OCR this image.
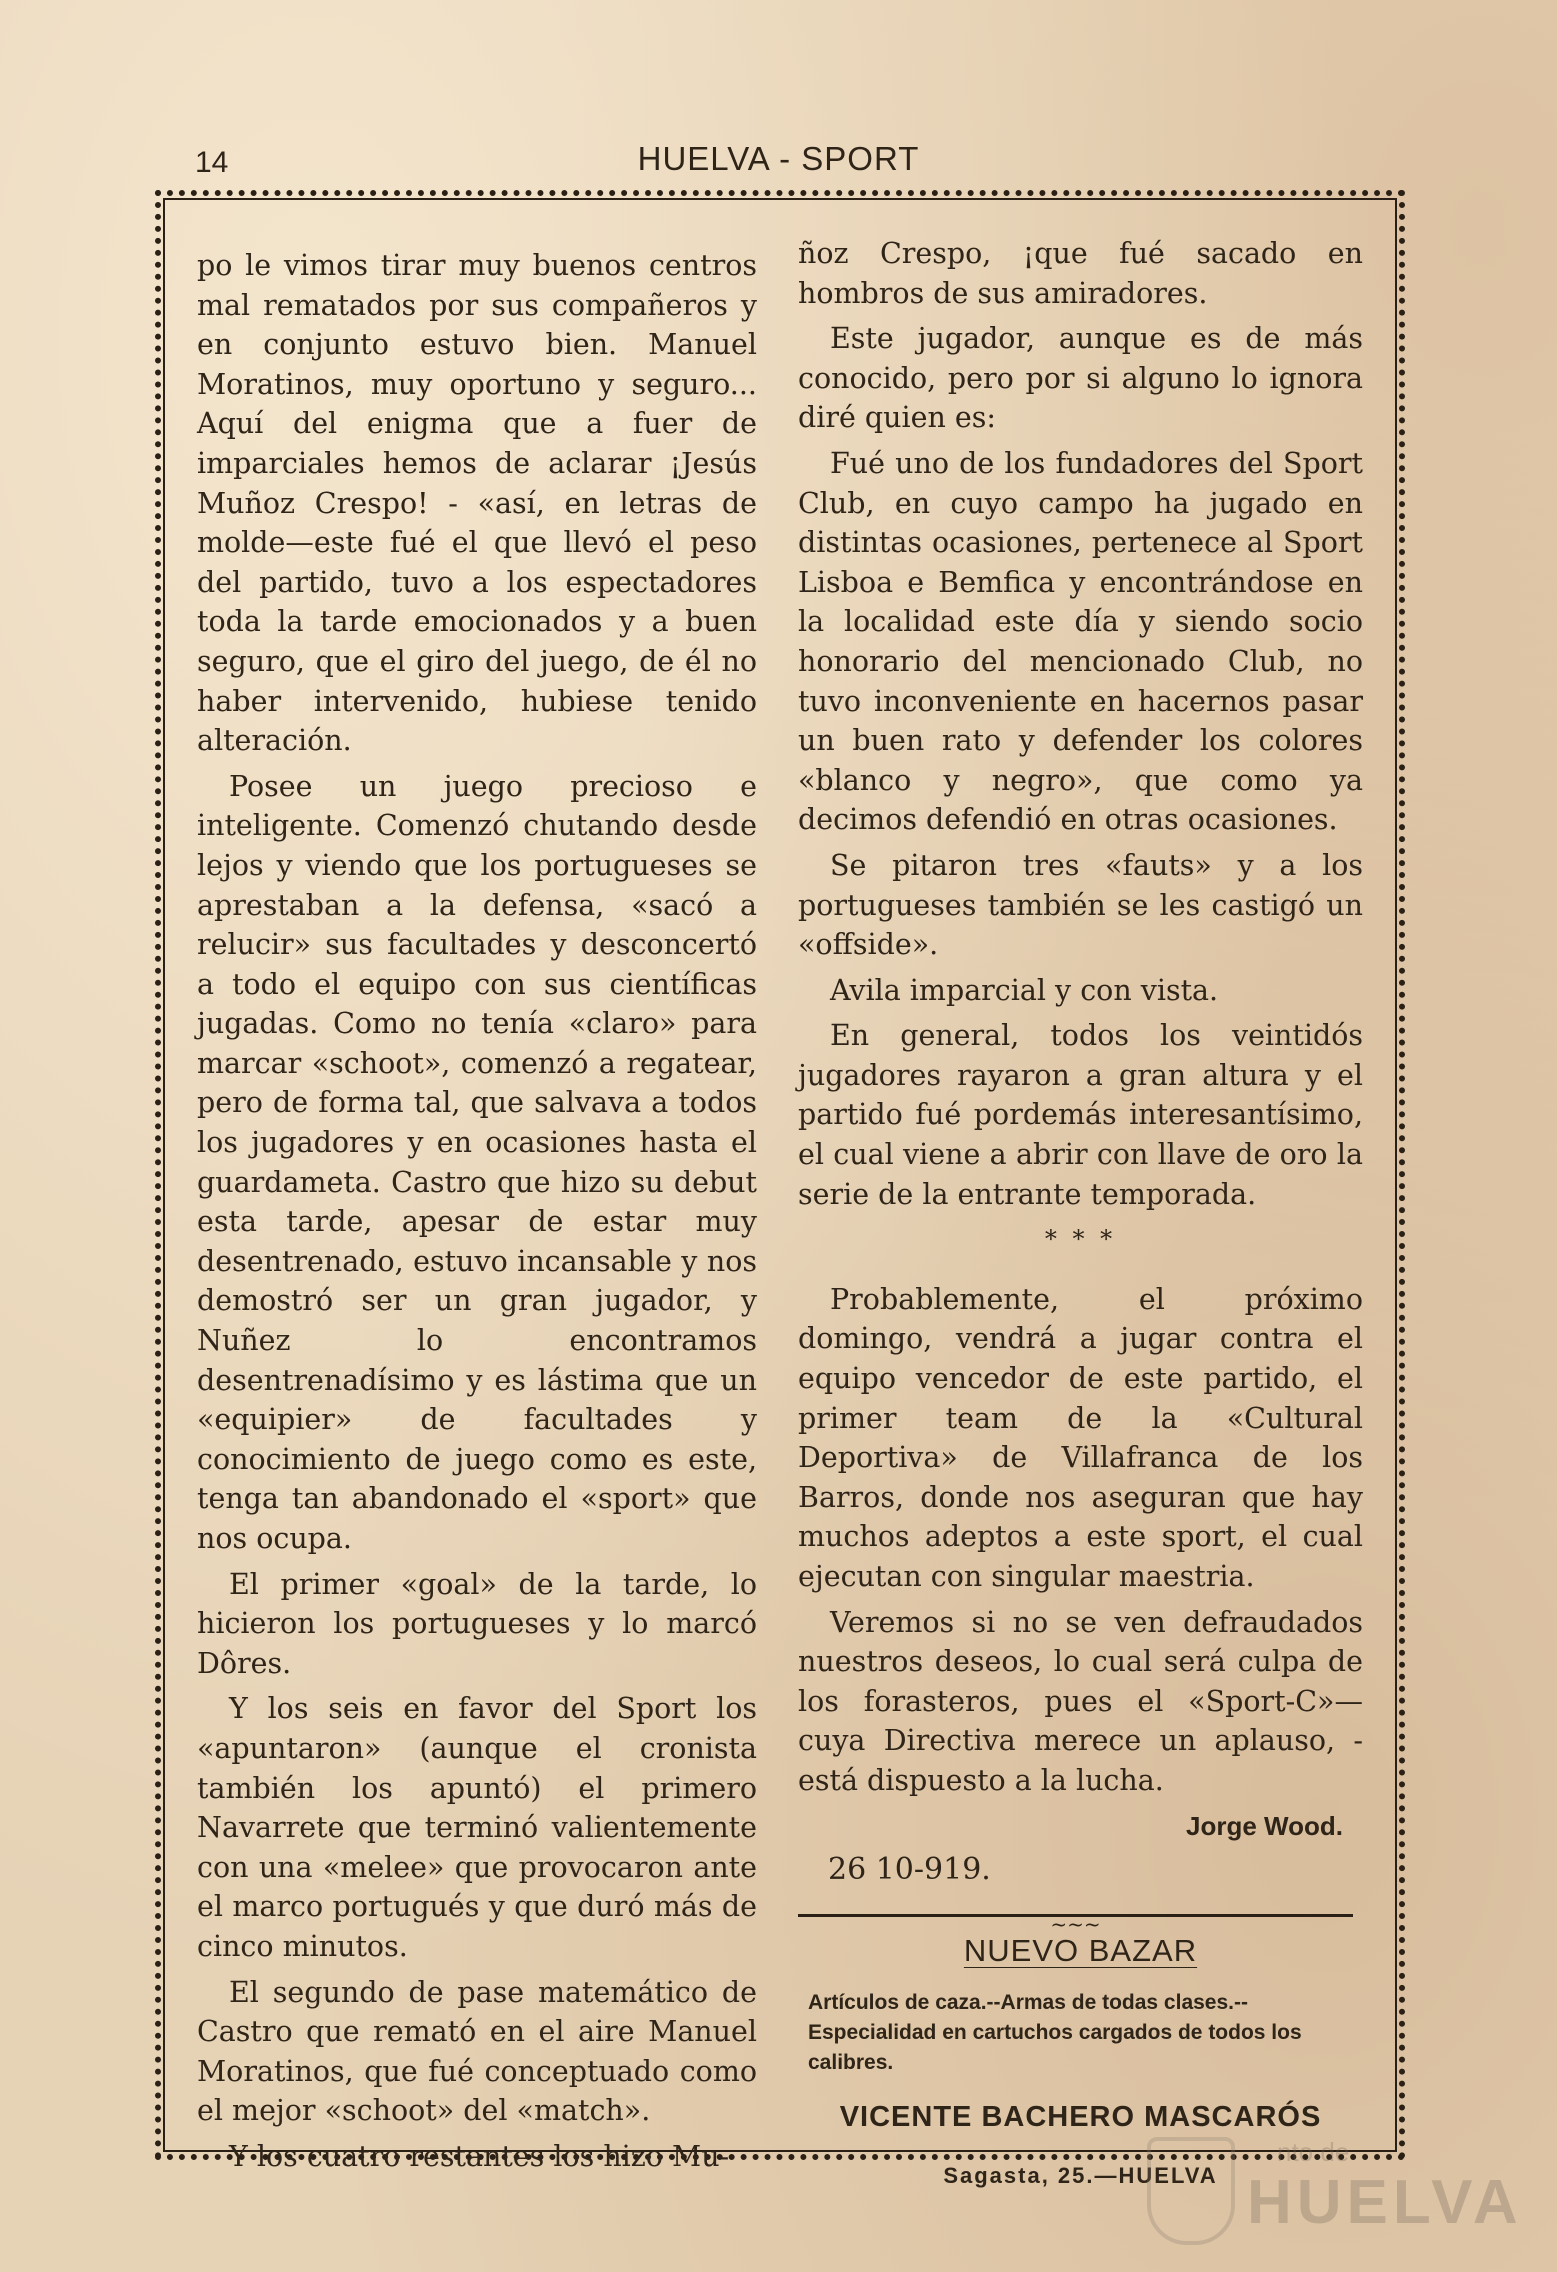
14	HUELVA - SPORT

po le vimos tirar muy buenos centros mal rematados por sus compañeros y en conjunto estuvo bien. Manuel Moratinos, muy oportuno y seguro... Aquí del enigma que a fuer de imparciales hemos de aclarar ¡Jesús Muñoz Crespo! - «así, en letras de molde—este fué el que llevó el peso del partido, tuvo a los espectadores toda la tarde emocionados y a buen seguro, que el giro del juego, de él no haber intervenido, hubiese tenido alteración.

Posee un juego precioso e inteligente. Comenzó chutando desde lejos y viendo que los portugueses se aprestaban a la defensa, «sacó a relucir» sus facultades y desconcertó a todo el equipo con sus científicas jugadas. Como no tenía «claro» para marcar «schoot», comenzó a regatear, pero de forma tal, que salvava a todos los jugadores y en ocasiones hasta el guardameta. Castro que hizo su debut esta tarde, apesar de estar muy desentrenado, estuvo incansable y nos demostró ser un gran jugador, y Nuñez lo encontramos desentrenadísimo y es lástima que un «equipier» de facultades y conocimiento de juego como es este, tenga tan abandonado el «sport» que nos ocupa.

El primer «goal» de la tarde, lo hicieron los portugueses y lo marcó Dôres.

Y los seis en favor del Sport los «apuntaron» (aunque el cronista también los apuntó) el primero Navarrete que terminó valientemente con una «melee» que provocaron ante el marco portugués y que duró más de cinco minutos.

El segundo de pase matemático de Castro que remató en el aire Manuel Moratinos, que fué conceptuado como el mejor «schoot» del «match».

Y los cuatro restantes los hizo Mu-

ñoz Crespo, ¡que fué sacado en hombros de sus amiradores.

Este jugador, aunque es de más conocido, pero por si alguno lo ignora diré quien es:

Fué uno de los fundadores del Sport Club, en cuyo campo ha jugado en distintas ocasiones, pertenece al Sport Lisboa e Bemfica y encontrándose en la localidad este día y siendo socio honorario del mencionado Club, no tuvo inconveniente en hacernos pasar un buen rato y defender los colores «blanco y negro», que como ya decimos defendió en otras ocasiones.

Se pitaron tres «fauts» y a los portugueses también se les castigó un «offside».

Avila imparcial y con vista.

En general, todos los veintidós jugadores rayaron a gran altura y el partido fué pordemás interesantísimo, el cual viene a abrir con llave de oro la serie de la entrante temporada.

* * *

Probablemente, el próximo domingo, vendrá a jugar contra el equipo vencedor de este partido, el primer team de la «Cultural Deportiva» de Villafranca de los Barros, donde nos aseguran que hay muchos adeptos a este sport, el cual ejecutan con singular maestria.

Veremos si no se ven defraudados nuestros deseos, lo cual será culpa de los forasteros, pues el «Sport-C»—cuya Directiva merece un aplauso, - está dispuesto a la lucha.

Jorge Wood.
26 10-919.
~~~
NUEVO BAZAR
Artículos de caza.--Armas de todas clases.--Especialidad en cartuchos cargados de todos los calibres.
VICENTE BACHERO MASCARÓS
Sagasta, 25.—HUELVA
nto de
HUELVA
